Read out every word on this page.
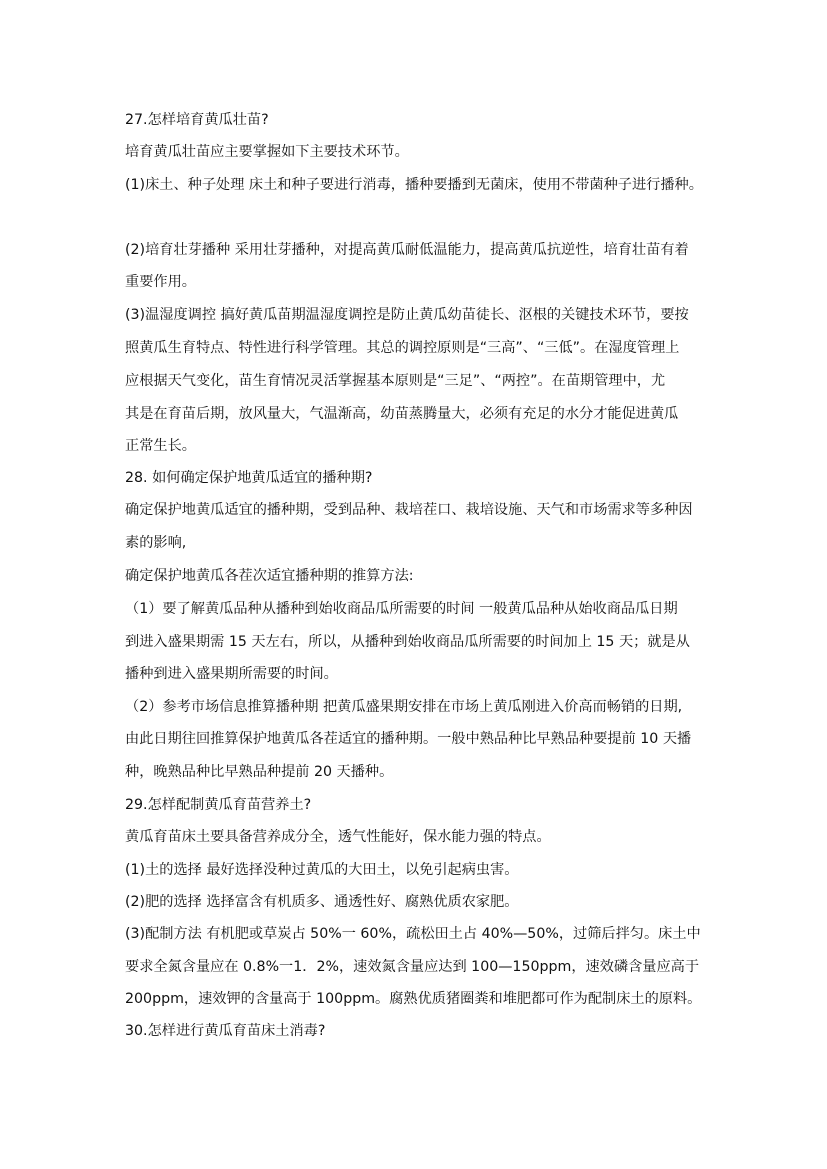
27.怎样培育黄瓜壮苗?
培育黄瓜壮苗应主要掌握如下主要技术环节。
(1)床土、种子处理 床土和种子要进行消毒，播种要播到无菌床，使用不带菌种子进行播种。
(2)培育壮芽播种 采用壮芽播种，对提高黄瓜耐低温能力，提高黄瓜抗逆性，培育壮苗有着
重要作用。
(3)温湿度调控 搞好黄瓜苗期温湿度调控是防止黄瓜幼苗徒长、沤根的关键技术环节，要按
照黄瓜生育特点、特性进行科学管理。其总的调控原则是“三高”、“三低”。在湿度管理上
应根据天气变化，苗生育情况灵活掌握基本原则是“三足”、“两控”。在苗期管理中，尤
其是在育苗后期，放风量大，气温渐高，幼苗蒸腾量大，必须有充足的水分才能促进黄瓜
正常生长。
28. 如何确定保护地黄瓜适宜的播种期?
确定保护地黄瓜适宜的播种期，受到品种、栽培茬口、栽培设施、天气和市场需求等多种因
素的影响,
确定保护地黄瓜各茬次适宜播种期的推算方法:
（1）要了解黄瓜品种从播种到始收商品瓜所需要的时间 一般黄瓜品种从始收商品瓜日期
到进入盛果期需 15 天左右，所以，从播种到始收商品瓜所需要的时间加上 15 天；就是从
播种到进入盛果期所需要的时间。
（2）参考市场信息推算播种期 把黄瓜盛果期安排在市场上黄瓜刚进入价高而畅销的日期,
由此日期往回推算保护地黄瓜各茬适宜的播种期。一般中熟品种比早熟品种要提前 10 天播
种，晚熟品种比早熟品种提前 20 天播种。
29.怎样配制黄瓜育苗营养土?
黄瓜育苗床土要具备营养成分全，透气性能好，保水能力强的特点。
(1)土的选择 最好选择没种过黄瓜的大田土，以免引起病虫害。
(2)肥的选择 选择富含有机质多、通透性好、腐熟优质农家肥。
(3)配制方法 有机肥或草炭占 50%一 60%，疏松田土占 40%—50%，过筛后拌匀。床土中
要求全氮含量应在 0.8%一1．2%，速效氮含量应达到 100—150ppm，速效磷含量应高于
200ppm，速效钾的含量高于 100ppm。腐熟优质猪圈粪和堆肥都可作为配制床土的原料。
30.怎样进行黄瓜育苗床土消毒?
